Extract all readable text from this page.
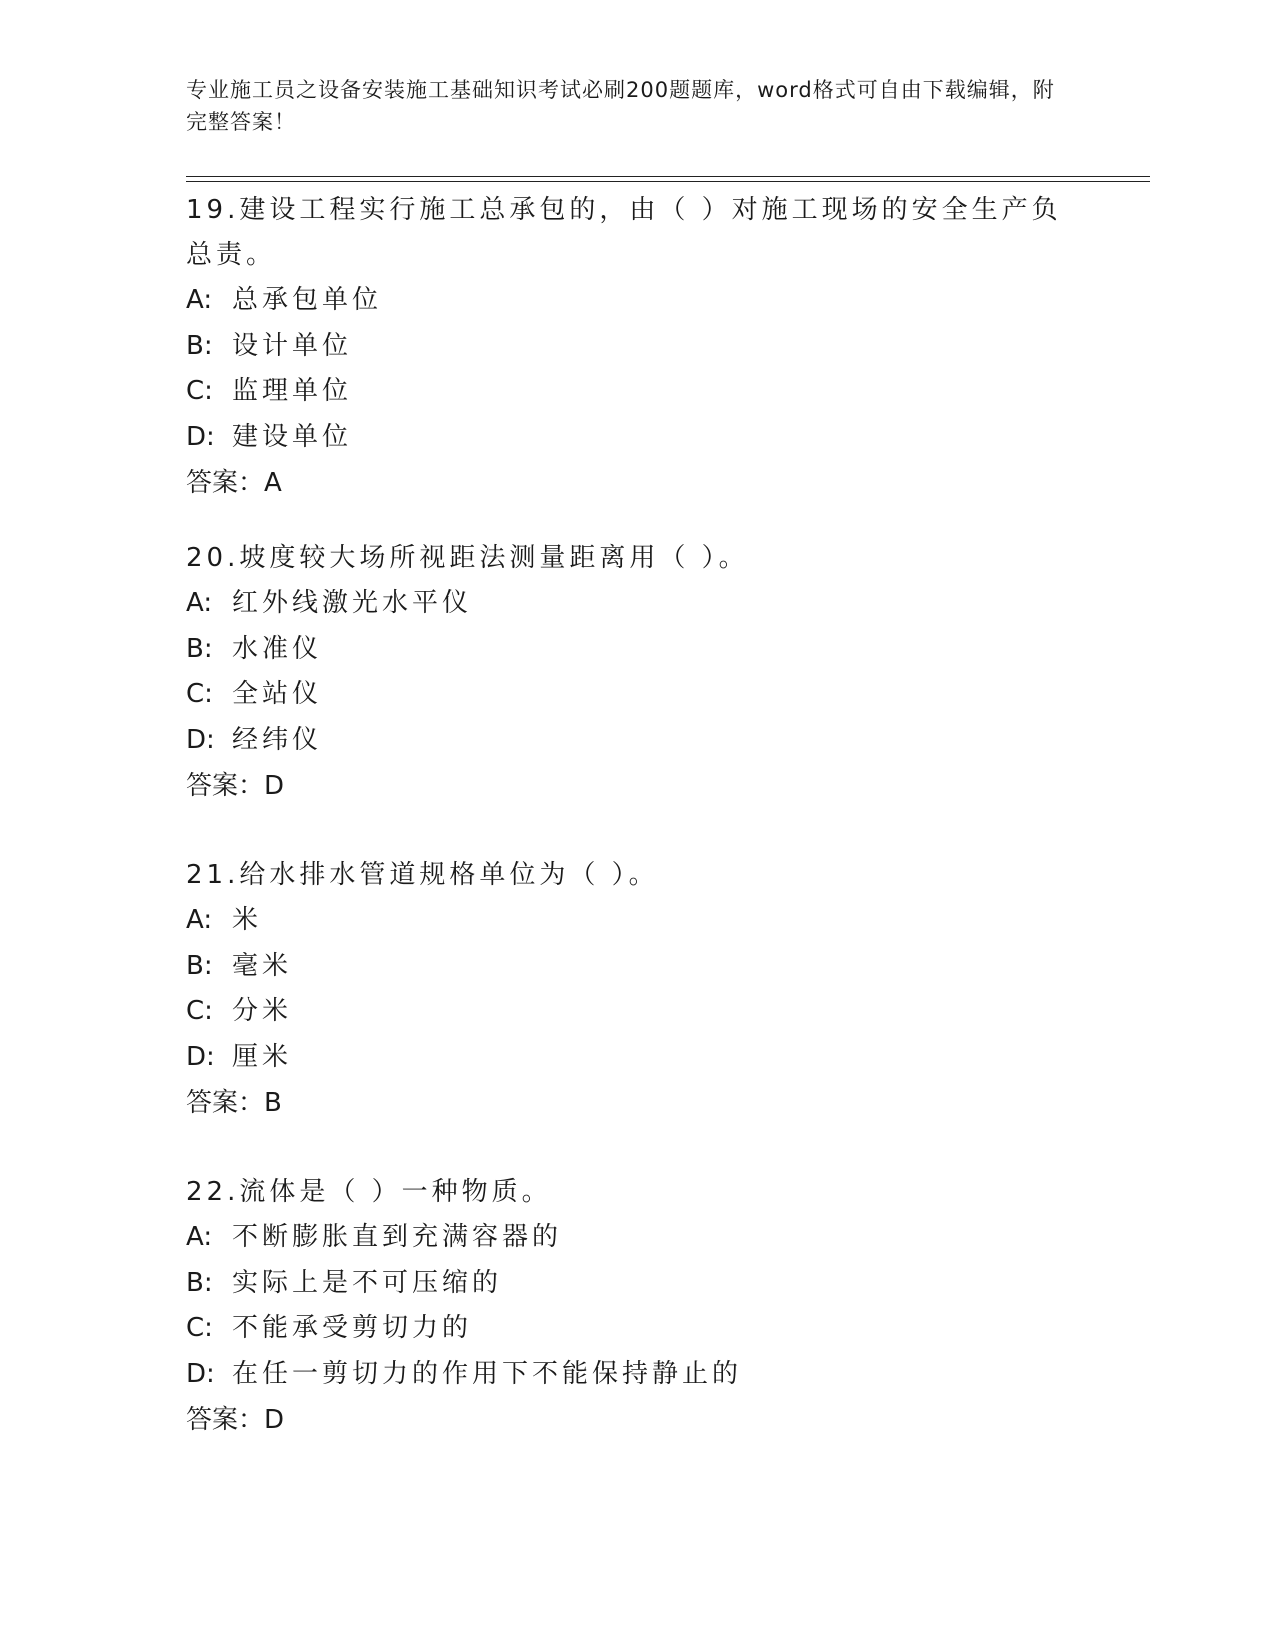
专业施工员之设备安装施工基础知识考试必刷200题题库，word格式可自由下载编辑，附完整答案！

19.建设工程实行施工总承包的，由（ ）对施工现场的安全生产负总责。

A: 总承包单位
B: 设计单位
C: 监理单位
D: 建设单位
答案：A

20.坡度较大场所视距法测量距离用（ ）。

A: 红外线激光水平仪
B: 水准仪
C: 全站仪
D: 经纬仪
答案：D

21.给水排水管道规格单位为（ ）。

A: 米
B: 毫米
C: 分米
D: 厘米
答案：B

22.流体是（ ）一种物质。

A: 不断膨胀直到充满容器的
B: 实际上是不可压缩的
C: 不能承受剪切力的
D: 在任一剪切力的作用下不能保持静止的
答案：D
